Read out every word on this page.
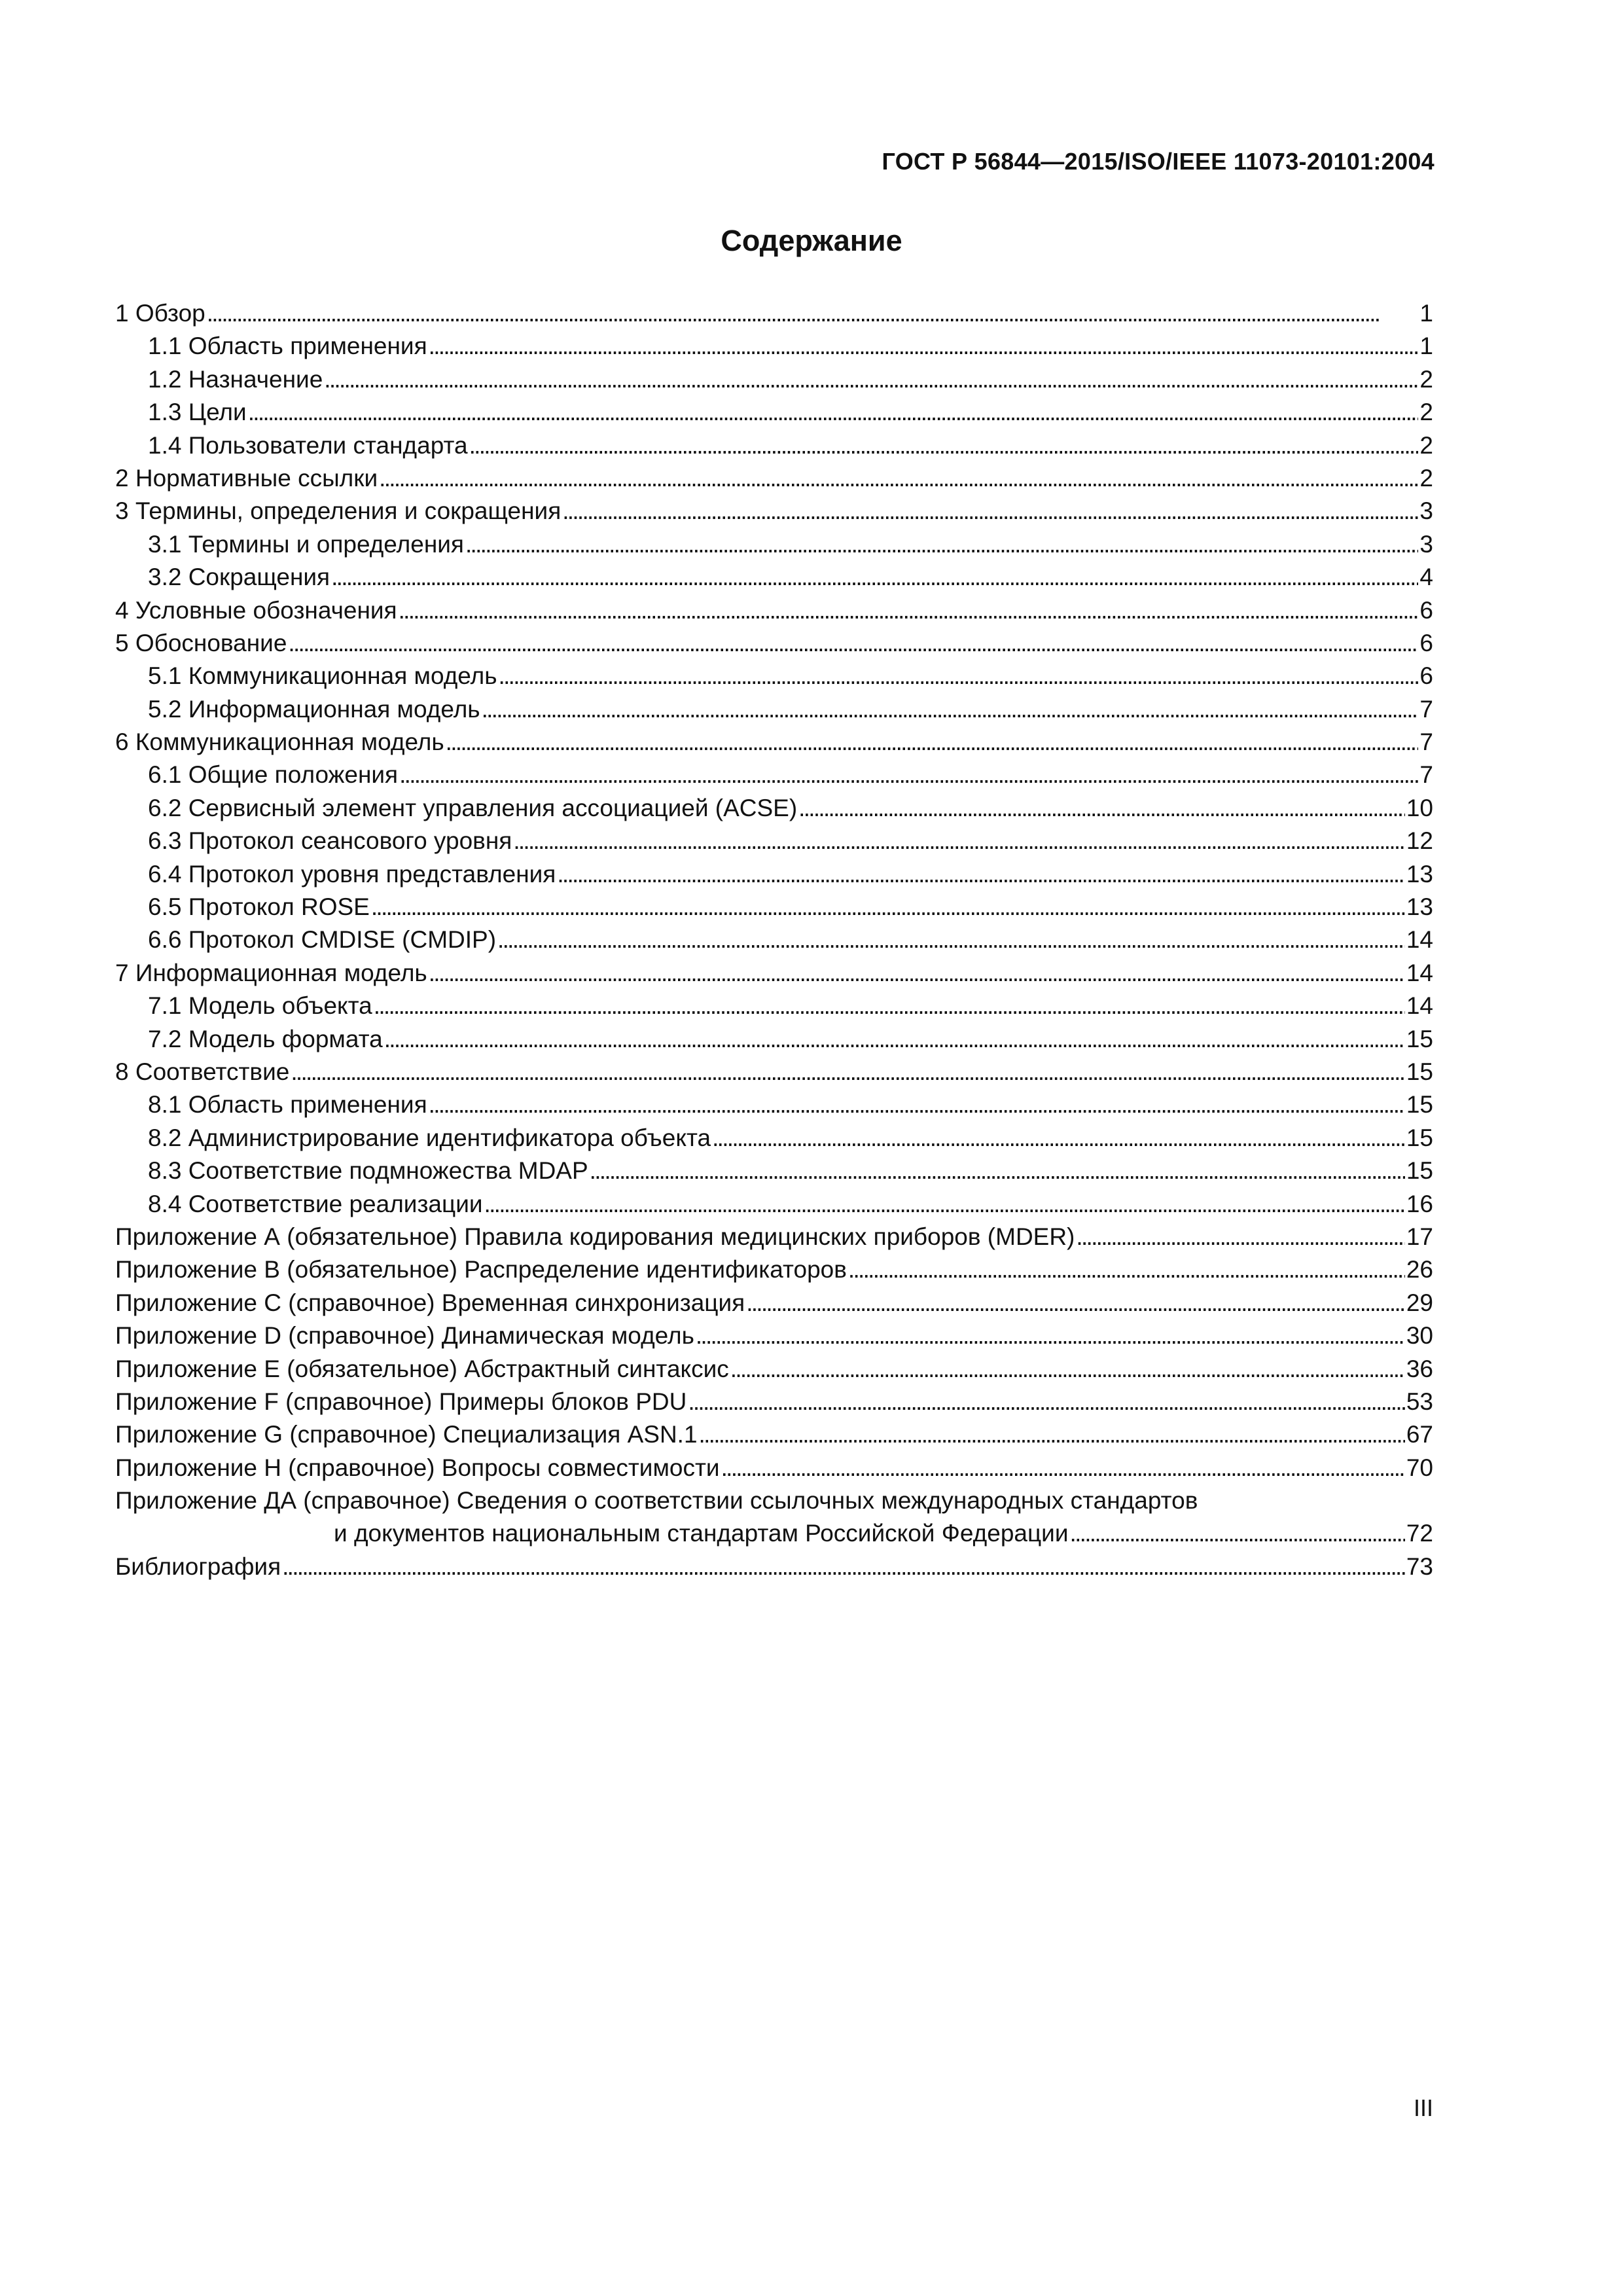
ГОСТ Р 56844—2015/ISO/IEEE 11073-20101:2004
Содержание
1 Обзор . . .	1
1.1 Область применения . . .	1
1.2 Назначение . . .	2
1.3 Цели . . .	2
1.4 Пользователи стандарта . . .	2
2 Нормативные ссылки . . .	2
3 Термины, определения и сокращения . . .	3
3.1 Термины и определения . . .	3
3.2 Сокращения . . .	4
4 Условные обозначения . . .	6
5 Обоснование . . .	6
5.1 Коммуникационная модель . . .	6
5.2 Информационная модель . . .	7
6 Коммуникационная модель . . .	7
6.1 Общие положения . . .	7
6.2 Сервисный элемент управления ассоциацией (ACSE) . . .	10
6.3 Протокол сеансового уровня . . .	12
6.4 Протокол уровня представления . . .	13
6.5 Протокол ROSE . . .	13
6.6 Протокол CMDISE (CMDIP) . . .	14
7 Информационная модель . . .	14
7.1 Модель объекта . . .	14
7.2 Модель формата . . .	15
8 Соответствие . . .	15
8.1 Область применения . . .	15
8.2 Администрирование идентификатора объекта . . .	15
8.3 Соответствие подмножества MDAP . . .	15
8.4 Соответствие реализации . . .	16
Приложение А (обязательное) Правила кодирования медицинских приборов (MDER) . . .	17
Приложение В (обязательное) Распределение идентификаторов . . .	26
Приложение С (справочное) Временная синхронизация . . .	29
Приложение D (справочное) Динамическая модель . . .	30
Приложение Е (обязательное) Абстрактный синтаксис . . .	36
Приложение F (справочное) Примеры блоков PDU . . .	53
Приложение G (справочное) Специализация ASN.1 . . .	67
Приложение Н (справочное) Вопросы совместимости . . .	70
Приложение ДА (справочное) Сведения о соответствии ссылочных международных стандартов
и документов национальным стандартам Российской Федерации . . .	72
Библиография . . .	73
III
